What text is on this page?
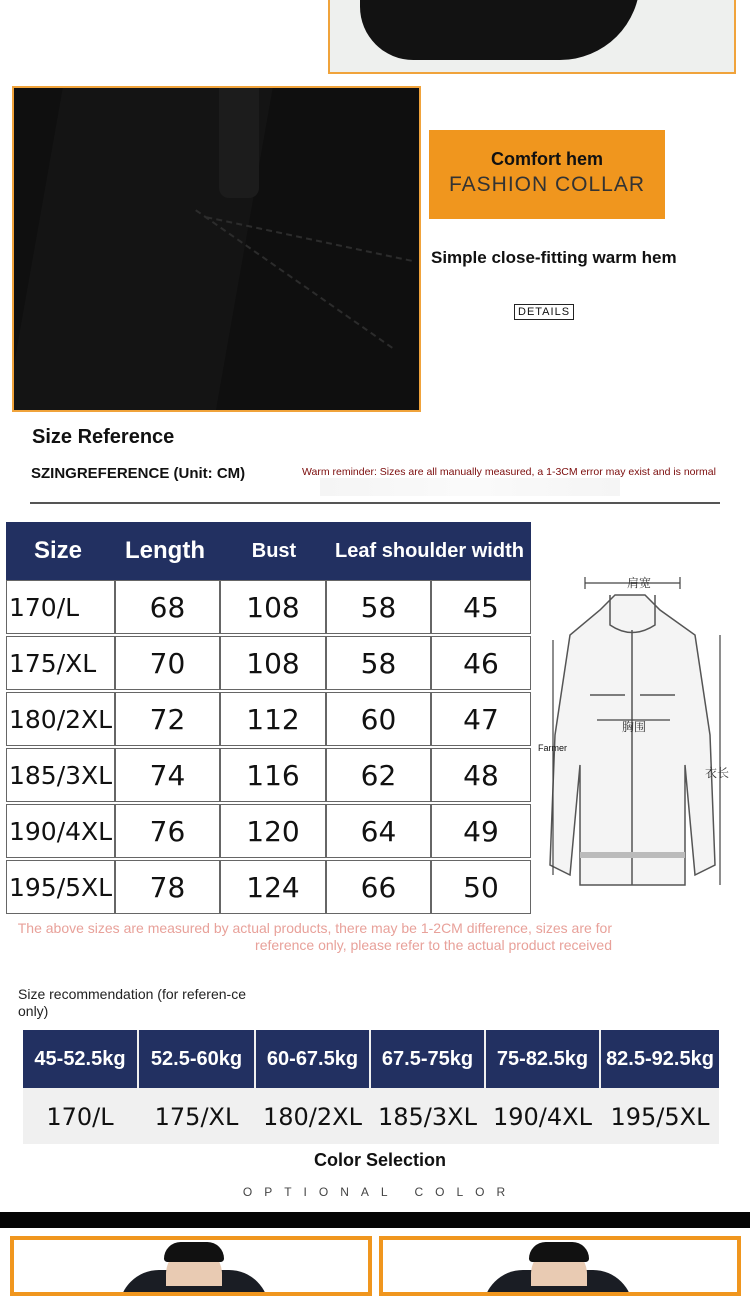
Comfort hem
FASHION COLLAR
Simple close-fitting warm hem
DETAILS
Size Reference
SZINGREFERENCE (Unit: CM)	Warm reminder: Sizes are all manually measured, a 1-3CM error may exist and is normal
Size	Length	Bust	Leaf shoulder width
170/L	68	108	58	45
175/XL	70	108	58	46
180/2XL	72	112	60	47
185/3XL	74	116	62	48
190/4XL	76	120	64	49
195/5XL	78	124	66	50
肩宽
胸围
衣长
Farmer
The above sizes are measured by actual products, there may be 1-2CM difference, sizes are for reference only, please refer to the actual product received
Size recommendation (for referen-ce only)
45-52.5kg	52.5-60kg	60-67.5kg	67.5-75kg	75-82.5kg 82.5-92.5kg
170/L	175/XL	180/2XL 185/3XL 190/4XL 195/5XL
Color Selection
OPTIONAL COLOR
